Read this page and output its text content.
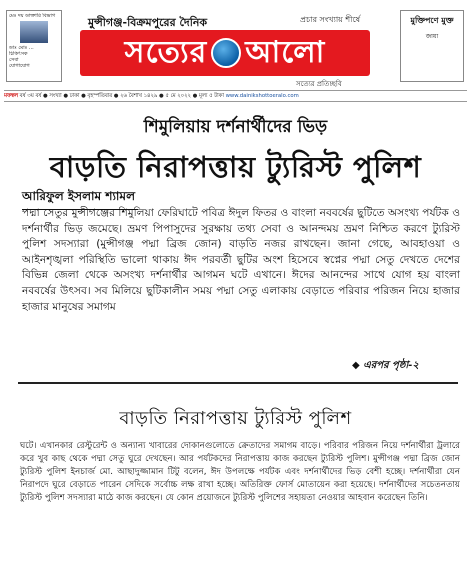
মেঃ দয় ডাক্তারি বিভাগ
ডাঃ মোঃ ...
চিকিৎসক
সেবা
যোগাযোগ
মুন্সীগঞ্জ-বিক্রমপুরের দৈনিক	প্রচার সংখ্যায় শীর্ষে
সত্যের আলো
সত্যের প্রতিচ্ছবি
মুক্তিপণে মুক্ত
জায়া
মফস্বল বর্ষ ৩য় বর্ষ ● সংখ্যা ● ঢাকা ● বৃহস্পতিবার ● ২৬ বৈশাখ ১৪২৯ ● ৫ মে ২০২২ ● মূল্য ৫ টাকা www.dainikshottoeralo.com
শিমুলিয়ায় দর্শনার্থীদের ভিড়
বাড়তি নিরাপত্তায় ট্যুরিস্ট পুলিশ
আরিফুল ইসলাম শ্যামল
পদ্মা সেতুর মুন্সীগঞ্জের শিমুলিয়া ফেরিঘাটে পবিত্র ঈদুল ফিতর ও বাংলা নববর্ষের ছুটিতে অসংখ্য পর্যটক ও দর্শনার্থীর ভিড় জমেছে। ভ্রমণ পিপাসুদের সুরক্ষায় তথ্য সেবা ও আনন্দময় ভ্রমণ নিশ্চিত করণে ট্যুরিস্ট পুলিশ সদস্যারা (মুন্সীগঞ্জ পদ্মা ব্রিজ জোন) বাড়তি নজর রাখছেন। জানা গেছে, আবহাওয়া ও আইনশৃঙ্খলা পরিস্থিতি ভালো থাকায় ঈদ পরবর্তী ছুটির অংশ হিসেবে স্বপ্নের পদ্মা সেতু দেখতে দেশের বিভিন্ন জেলা থেকে অসংখ্য দর্শনার্থীর আগমন ঘটে এখানে। ঈদের আনন্দের সাথে যোগ হয় বাংলা নববর্ষের উৎসব। সব মিলিয়ে ছুটিকালীন সময় পদ্মা সেতু এলাকায় বেড়াতে পরিবার পরিজন নিয়ে হাজার হাজার মানুষের সমাগম
◆ এরপর পৃষ্ঠা-২
বাড়তি নিরাপত্তায় ট্যুরিস্ট পুলিশ
ঘটে। এখানকার রেস্টুরেন্ট ও অন্যান্য খাবারের দোকানগুলোতে ক্রেতাদের সমাগম বাড়ে। পরিবার পরিজন নিয়ে দর্শনার্থীরা ট্রলারে করে খুব কাছ থেকে পদ্মা সেতু ঘুরে দেখছেন। আর পর্যটকদের নিরাপত্তায় কাজ করছেন ট্যুরিস্ট পুলিশ। মুন্সীগঞ্জ পদ্মা ব্রিজ জোন ট্যুরিস্ট পুলিশ ইনচার্জ মো. আছাদুজ্জামান টিটু বলেন, ঈদ উপলক্ষে পর্যটক এবং দর্শনার্থীদের ভিড় বেশী হচ্ছে। দর্শনার্থীরা যেন নিরাপদে ঘুরে বেড়াতে পারেন সেদিকে সর্বোচ্চ লক্ষ রাখা হচ্ছে। অতিরিক্ত ফোর্স মোতায়েন করা হয়েছে। দর্শনার্থীদের সচেতনতায় ট্যুরিস্ট পুলিশ সদস্যারা মাঠে কাজ করছেন। যে কোন প্রয়োজনে ট্যুরিস্ট পুলিশের সহায়তা নেওয়ার আহবান করেছেন তিনি।
